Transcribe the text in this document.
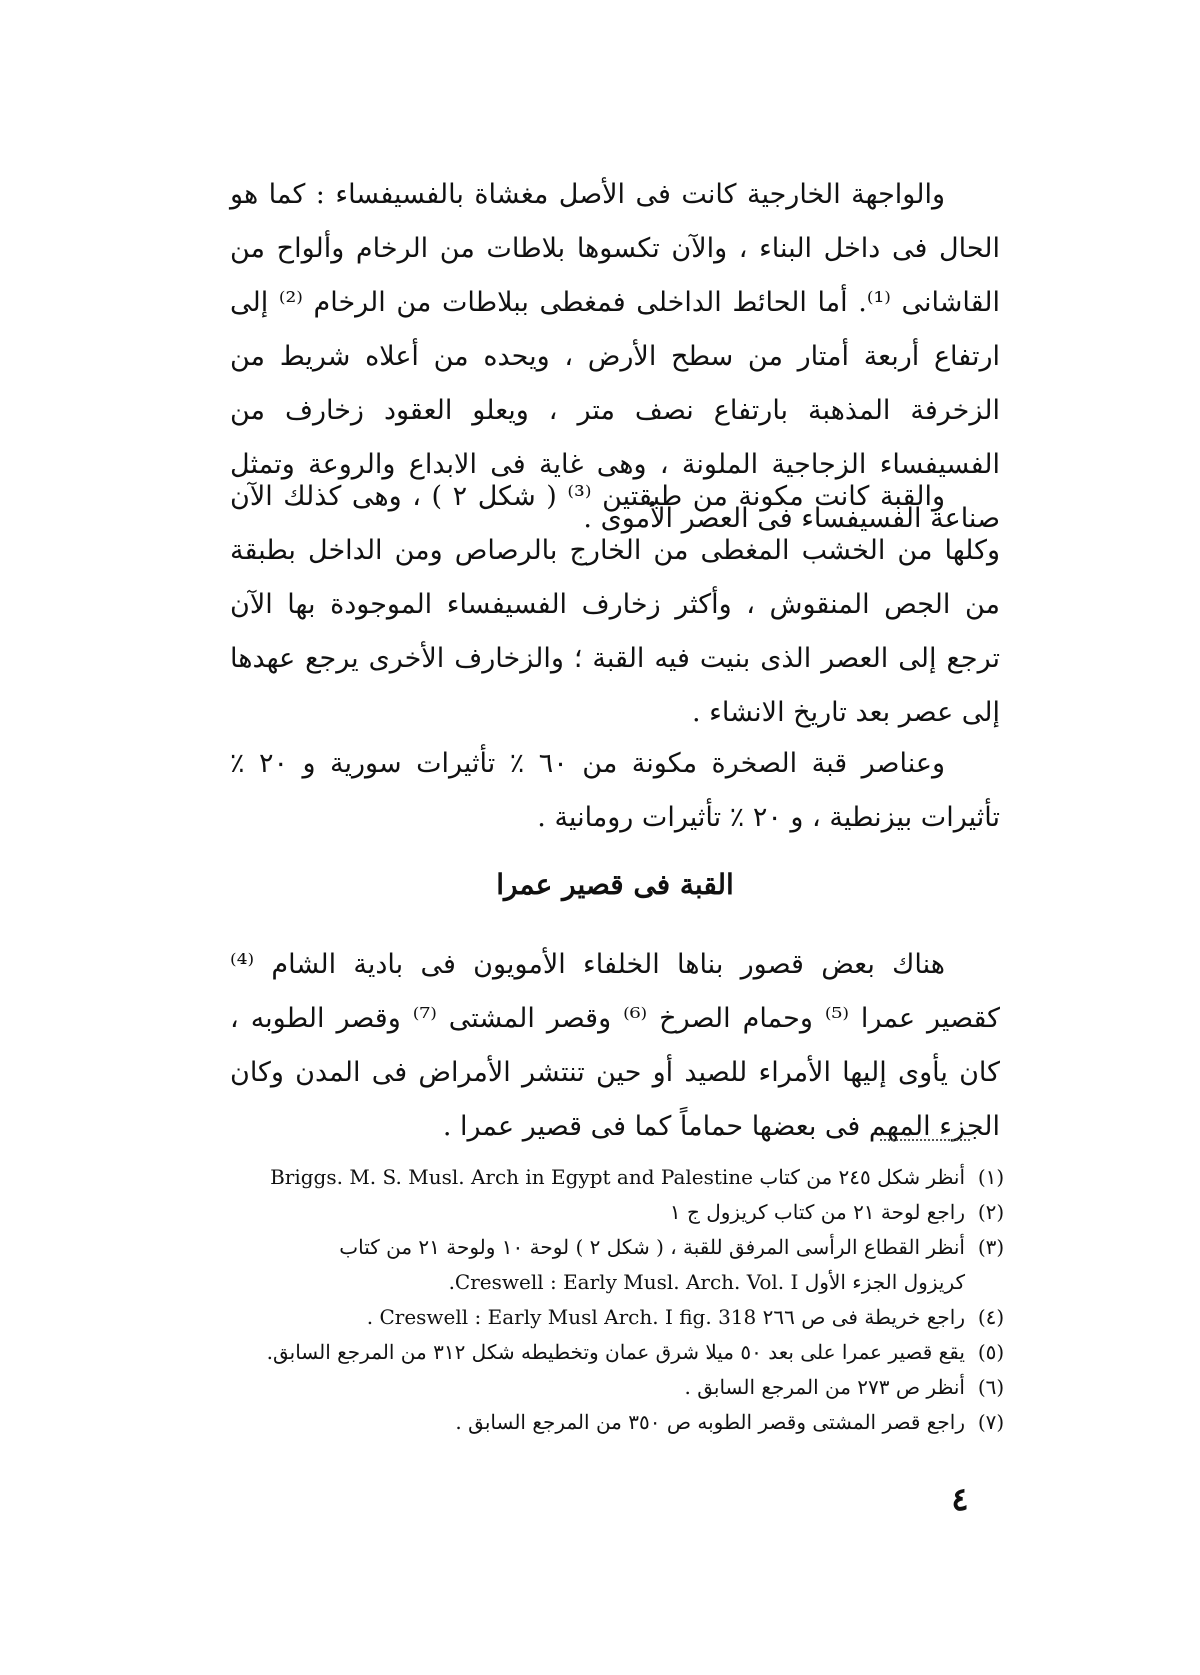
والواجهة الخارجية كانت فى الأصل مغشاة بالفسيفساء : كما هو الحال فى داخل البناء ، والآن تكسوها بلاطات من الرخام وألواح من القاشانى ⁽¹⁾. أما الحائط الداخلى فمغطى ببلاطات من الرخام ⁽²⁾ إلى ارتفاع أربعة أمتار من سطح الأرض ، ويحده من أعلاه شريط من الزخرفة المذهبة بارتفاع نصف متر ، ويعلو العقود زخارف من الفسيفساء الزجاجية الملونة ، وهى غاية فى الابداع والروعة وتمثل صناعة الفسيفساء فى العصر الأموى .

والقبة كانت مكونة من طبقتين ⁽³⁾ ( شكل ٢ ) ، وهى كذلك الآن وكلها من الخشب المغطى من الخارج بالرصاص ومن الداخل بطبقة من الجص المنقوش ، وأكثر زخارف الفسيفساء الموجودة بها الآن ترجع إلى العصر الذى بنيت فيه القبة ؛ والزخارف الأخرى يرجع عهدها إلى عصر بعد تاريخ الانشاء .

وعناصر قبة الصخرة مكونة من ٦٠ ٪ تأثيرات سورية و ٢٠ ٪ تأثيرات بيزنطية ، و ٢٠ ٪ تأثيرات رومانية .

القبة فى قصير عمرا

هناك بعض قصور بناها الخلفاء الأمويون فى بادية الشام ⁽⁴⁾ كقصير عمرا ⁽⁵⁾ وحمام الصرخ ⁽⁶⁾ وقصر المشتى ⁽⁷⁾ وقصر الطوبه ، كان يأوى إليها الأمراء للصيد أو حين تنتشر الأمراض فى المدن وكان الجزء المهم فى بعضها حماماً كما فى قصير عمرا .

(١)
أنظر شكل ٢٤٥ من كتاب Briggs. M. S. Musl. Arch in Egypt and Palestine
(٢)
راجع لوحة ٢١ من كتاب كريزول ج ١
(٣)
أنظر القطاع الرأسى المرفق للقبة ، ( شكل ٢ ) لوحة ١٠ ولوحة ٢١ من كتاب
كريزول الجزء الأول Creswell : Early Musl. Arch. Vol. I.
(٤)
راجع خريطة فى ص ٢٦٦ Creswell : Early Musl Arch. I fig. 318 .
(٥)
يقع قصير عمرا على بعد ٥٠ ميلا شرق عمان وتخطيطه شكل ٣١٢ من المرجع السابق.
(٦)
أنظر ص ٢٧٣ من المرجع السابق .
(٧)
راجع قصر المشتى وقصر الطوبه ص ٣٥٠ من المرجع السابق .
٤
